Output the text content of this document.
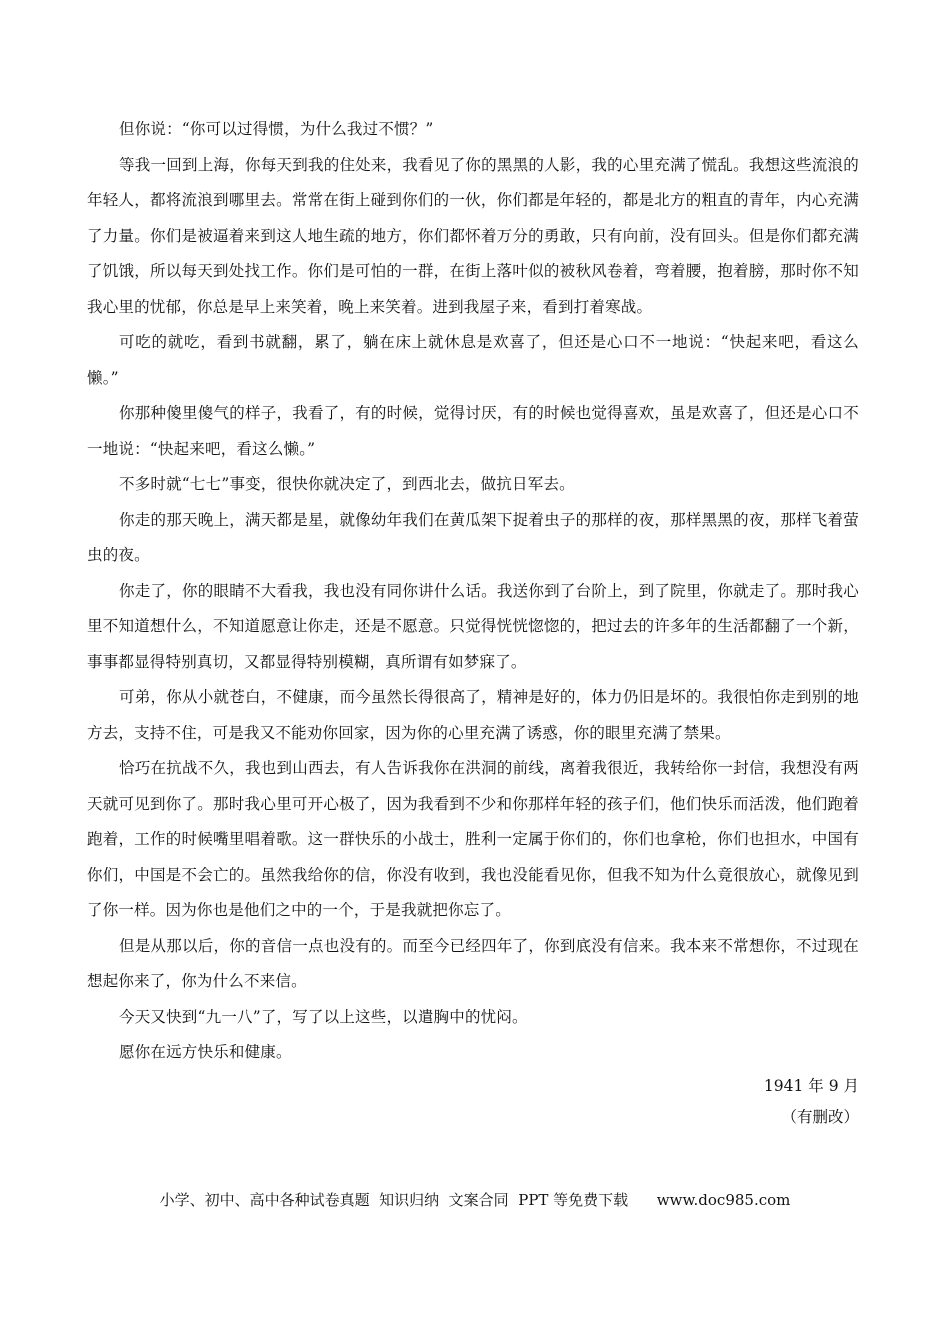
但你说：“你可以过得惯，为什么我过不惯？”

等我一回到上海，你每天到我的住处来，我看见了你的黑黑的人影，我的心里充满了慌乱。我想这些流浪的年轻人，都将流浪到哪里去。常常在街上碰到你们的一伙，你们都是年轻的，都是北方的粗直的青年，内心充满了力量。你们是被逼着来到这人地生疏的地方，你们都怀着万分的勇敢，只有向前，没有回头。但是你们都充满了饥饿，所以每天到处找工作。你们是可怕的一群，在街上落叶似的被秋风卷着，弯着腰，抱着膀，那时你不知我心里的忧郁，你总是早上来笑着，晚上来笑着。进到我屋子来，看到打着寒战。

可吃的就吃，看到书就翻，累了，躺在床上就休息是欢喜了，但还是心口不一地说：“快起来吧，看这么懒。”

你那种傻里傻气的样子，我看了，有的时候，觉得讨厌，有的时候也觉得喜欢，虽是欢喜了，但还是心口不一地说：“快起来吧，看这么懒。”

不多时就“七七”事变，很快你就决定了，到西北去，做抗日军去。

你走的那天晚上，满天都是星，就像幼年我们在黄瓜架下捉着虫子的那样的夜，那样黑黑的夜，那样飞着萤虫的夜。

你走了，你的眼睛不大看我，我也没有同你讲什么话。我送你到了台阶上，到了院里，你就走了。那时我心里不知道想什么，不知道愿意让你走，还是不愿意。只觉得恍恍惚惚的，把过去的许多年的生活都翻了一个新，事事都显得特别真切，又都显得特别模糊，真所谓有如梦寐了。

可弟，你从小就苍白，不健康，而今虽然长得很高了，精神是好的，体力仍旧是坏的。我很怕你走到别的地方去，支持不住，可是我又不能劝你回家，因为你的心里充满了诱惑，你的眼里充满了禁果。

恰巧在抗战不久，我也到山西去，有人告诉我你在洪洞的前线，离着我很近，我转给你一封信，我想没有两天就可见到你了。那时我心里可开心极了，因为我看到不少和你那样年轻的孩子们，他们快乐而活泼，他们跑着跑着，工作的时候嘴里唱着歌。这一群快乐的小战士，胜利一定属于你们的，你们也拿枪，你们也担水，中国有你们，中国是不会亡的。虽然我给你的信，你没有收到，我也没能看见你，但我不知为什么竟很放心，就像见到了你一样。因为你也是他们之中的一个，于是我就把你忘了。

但是从那以后，你的音信一点也没有的。而至今已经四年了，你到底没有信来。我本来不常想你，不过现在想起你来了，你为什么不来信。

今天又快到“九一八”了，写了以上这些，以遣胸中的忧闷。

愿你在远方快乐和健康。

1941 年 9 月

（有删改）

小学、初中、高中各种试卷真题  知识归纳  文案合同  PPT 等免费下载      www.doc985.com
